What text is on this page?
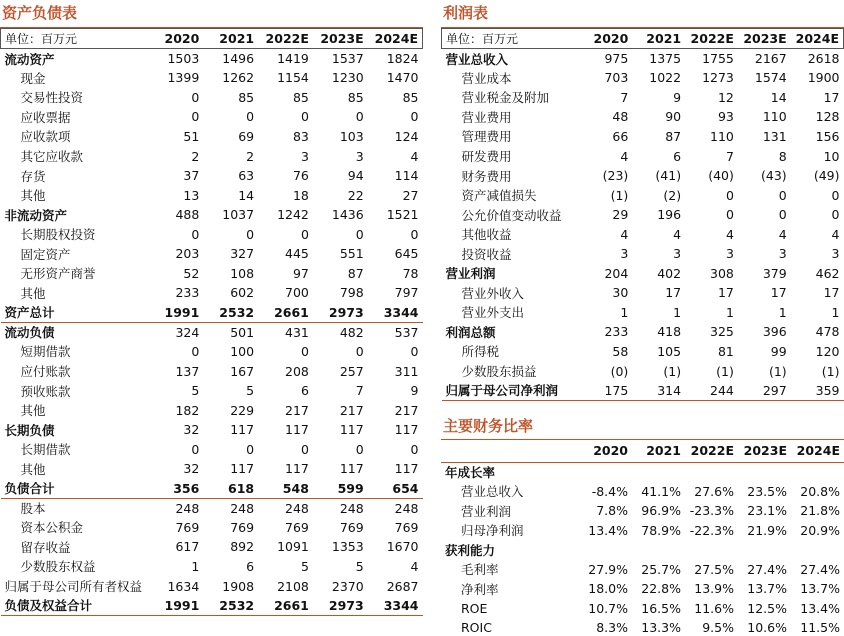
资产负债表
单位：百万元	2020	2021	2022E	2023E	2024E
流动资产	1503	1496	1419	1537	1824
现金	1399	1262	1154	1230	1470
交易性投资	0	85	85	85	85
应收票据	0	0	0	0	0
应收款项	51	69	83	103	124
其它应收款	2	2	3	3	4
存货	37	63	76	94	114
其他	13	14	18	22	27
非流动资产	488	1037	1242	1436	1521
长期股权投资	0	0	0	0	0
固定资产	203	327	445	551	645
无形资产商誉	52	108	97	87	78
其他	233	602	700	798	797
资产总计	1991	2532	2661	2973	3344
流动负债	324	501	431	482	537
短期借款	0	100	0	0	0
应付账款	137	167	208	257	311
预收账款	5	5	6	7	9
其他	182	229	217	217	217
长期负债	32	117	117	117	117
长期借款	0	0	0	0	0
其他	32	117	117	117	117
负债合计	356	618	548	599	654
股本	248	248	248	248	248
资本公积金	769	769	769	769	769
留存收益	617	892	1091	1353	1670
少数股东权益	1	6	5	5	4
归属于母公司所有者权益	1634	1908	2108	2370	2687
负债及权益合计	1991	2532	2661	2973	3344
利润表
单位：百万元	2020	2021	2022E	2023E	2024E
营业总收入	975	1375	1755	2167	2618
营业成本	703	1022	1273	1574	1900
营业税金及附加	7	9	12	14	17
营业费用	48	90	93	110	128
管理费用	66	87	110	131	156
研发费用	4	6	7	8	10
财务费用	(23)	(41)	(40)	(43)	(49)
资产减值损失	(1)	(2)	0	0	0
公允价值变动收益	29	196	0	0	0
其他收益	4	4	4	4	4
投资收益	3	3	3	3	3
营业利润	204	402	308	379	462
营业外收入	30	17	17	17	17
营业外支出	1	1	1	1	1
利润总额	233	418	325	396	478
所得税	58	105	81	99	120
少数股东损益	(0)	(1)	(1)	(1)	(1)
归属于母公司净利润	175	314	244	297	359
主要财务比率
	2020	2021	2022E	2023E	2024E
年成长率					
营业总收入	-8.4%	41.1%	27.6%	23.5%	20.8%
营业利润	7.8%	96.9%	-23.3%	23.1%	21.8%
归母净利润	13.4%	78.9%	-22.3%	21.9%	20.9%
获利能力					
毛利率	27.9%	25.7%	27.5%	27.4%	27.4%
净利率	18.0%	22.8%	13.9%	13.7%	13.7%
ROE	10.7%	16.5%	11.6%	12.5%	13.4%
ROIC	8.3%	13.3%	9.5%	10.6%	11.5%
